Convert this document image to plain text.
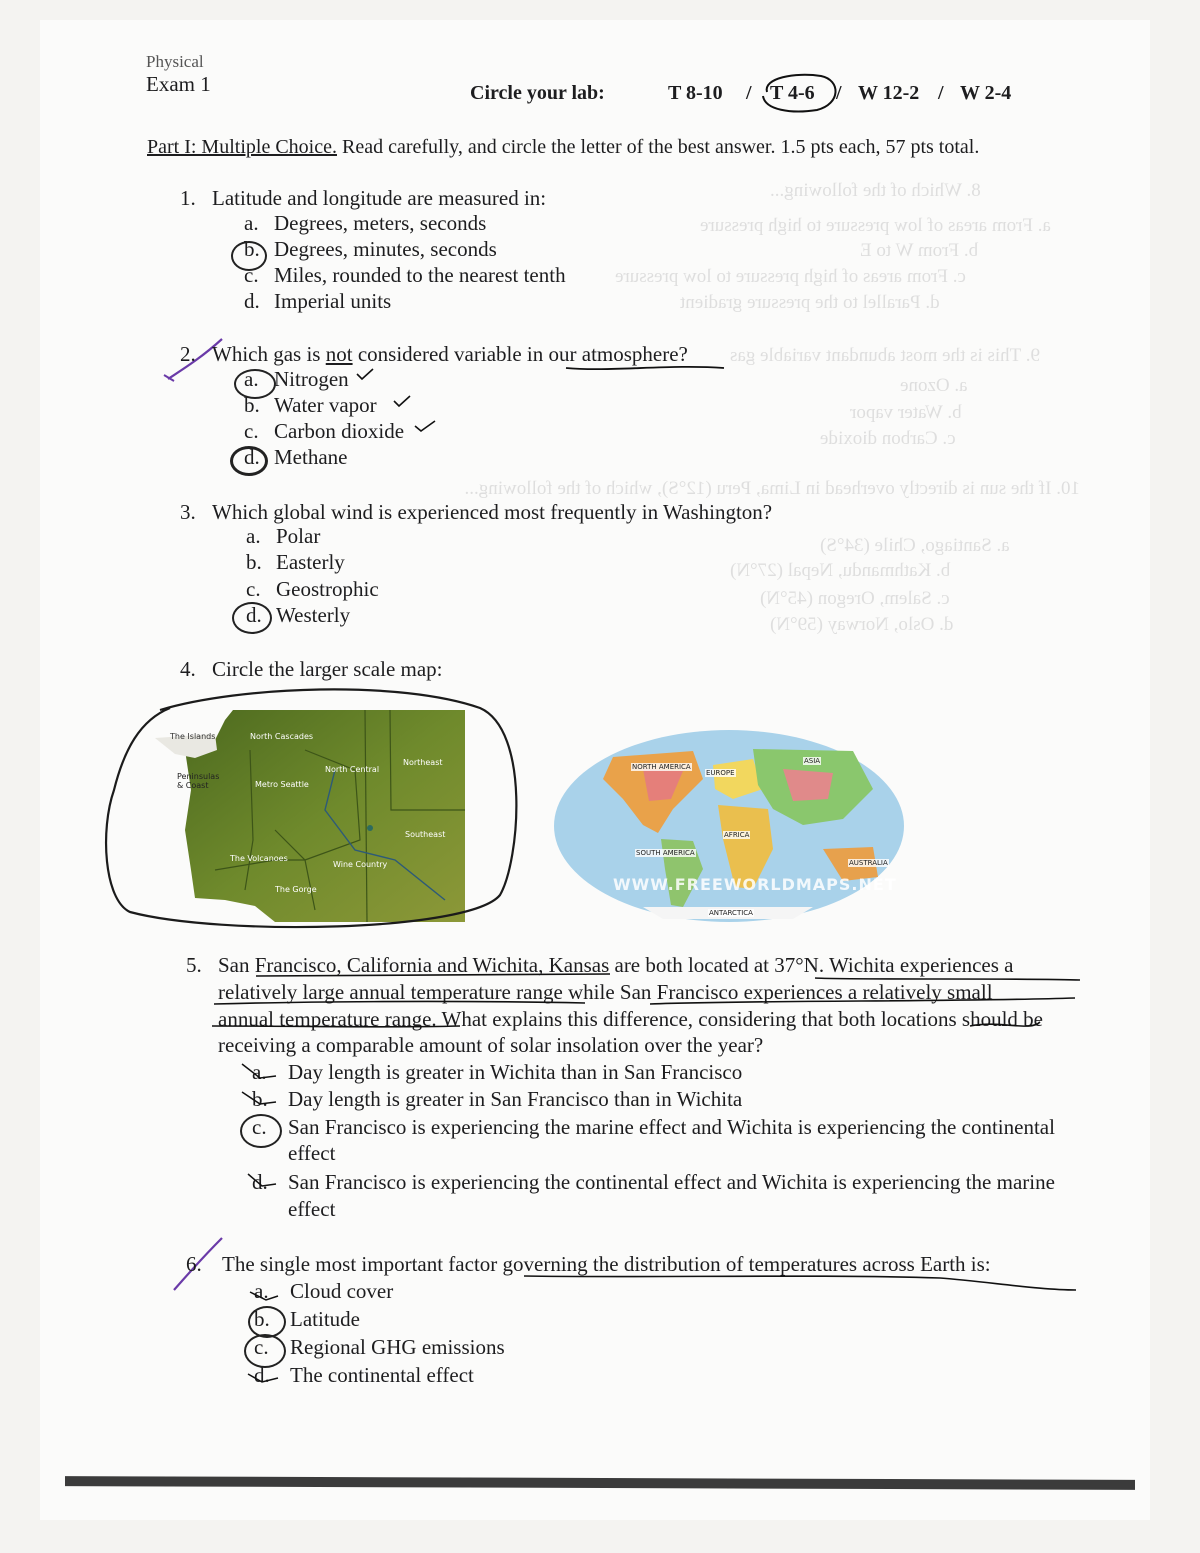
8. Which of the following...
a. From areas of low pressure to high pressure
b. From W to E
c. From areas of high pressure to low pressure
d. Parallel to the pressure gradient
9. This is the most abundant variable gas
a. Ozone
b. Water vapor
c. Carbon dioxide
10. If the sun is directly overhead in Lima, Peru (12°S), which of the following...
a. Santiago, Chile (34°S)
b. Kathmandu, Nepal (27°N)
c. Salem, Oregon (45°N)
d. Oslo, Norway (59°N)
Physical
Exam 1	Circle your lab:	T 8-10 / T 4-6 / W 12-2 / W 2-4
Part I: Multiple Choice. Read carefully, and circle the letter of the best answer. 1.5 pts each, 57 pts total.
1. Latitude and longitude are measured in:
a. Degrees, meters, seconds
b. Degrees, minutes, seconds
c. Miles, rounded to the nearest tenth
d. Imperial units
2. Which gas is not considered variable in our atmosphere?
a. Nitrogen
b. Water vapor
c. Carbon dioxide
d. Methane
3. Which global wind is experienced most frequently in Washington?
a. Polar
b. Easterly
c. Geostrophic
d. Westerly
4. Circle the larger scale map:
The Islands	North Cascades
North Central
Northeast
Peninsulas & Coast	Metro Seattle
Southeast
The Volcanoes
Wine Country
The Gorge
NORTH AMERICA
EUROPE
ASIA
AFRICA
SOUTH AMERICA
AUSTRALIA
ANTARCTICA
WWW.FREEWORLDMAPS.NET
5. San Francisco, California and Wichita, Kansas are both located at 37°N. Wichita experiences a
relatively large annual temperature range while San Francisco experiences a relatively small
annual temperature range. What explains this difference, considering that both locations should be
receiving a comparable amount of solar insolation over the year?
a. Day length is greater in Wichita than in San Francisco
b. Day length is greater in San Francisco than in Wichita
c. San Francisco is experiencing the marine effect and Wichita is experiencing the continental
effect
d. San Francisco is experiencing the continental effect and Wichita is experiencing the marine
effect
6. The single most important factor governing the distribution of temperatures across Earth is:
a. Cloud cover
b. Latitude
c. Regional GHG emissions
d. The continental effect
